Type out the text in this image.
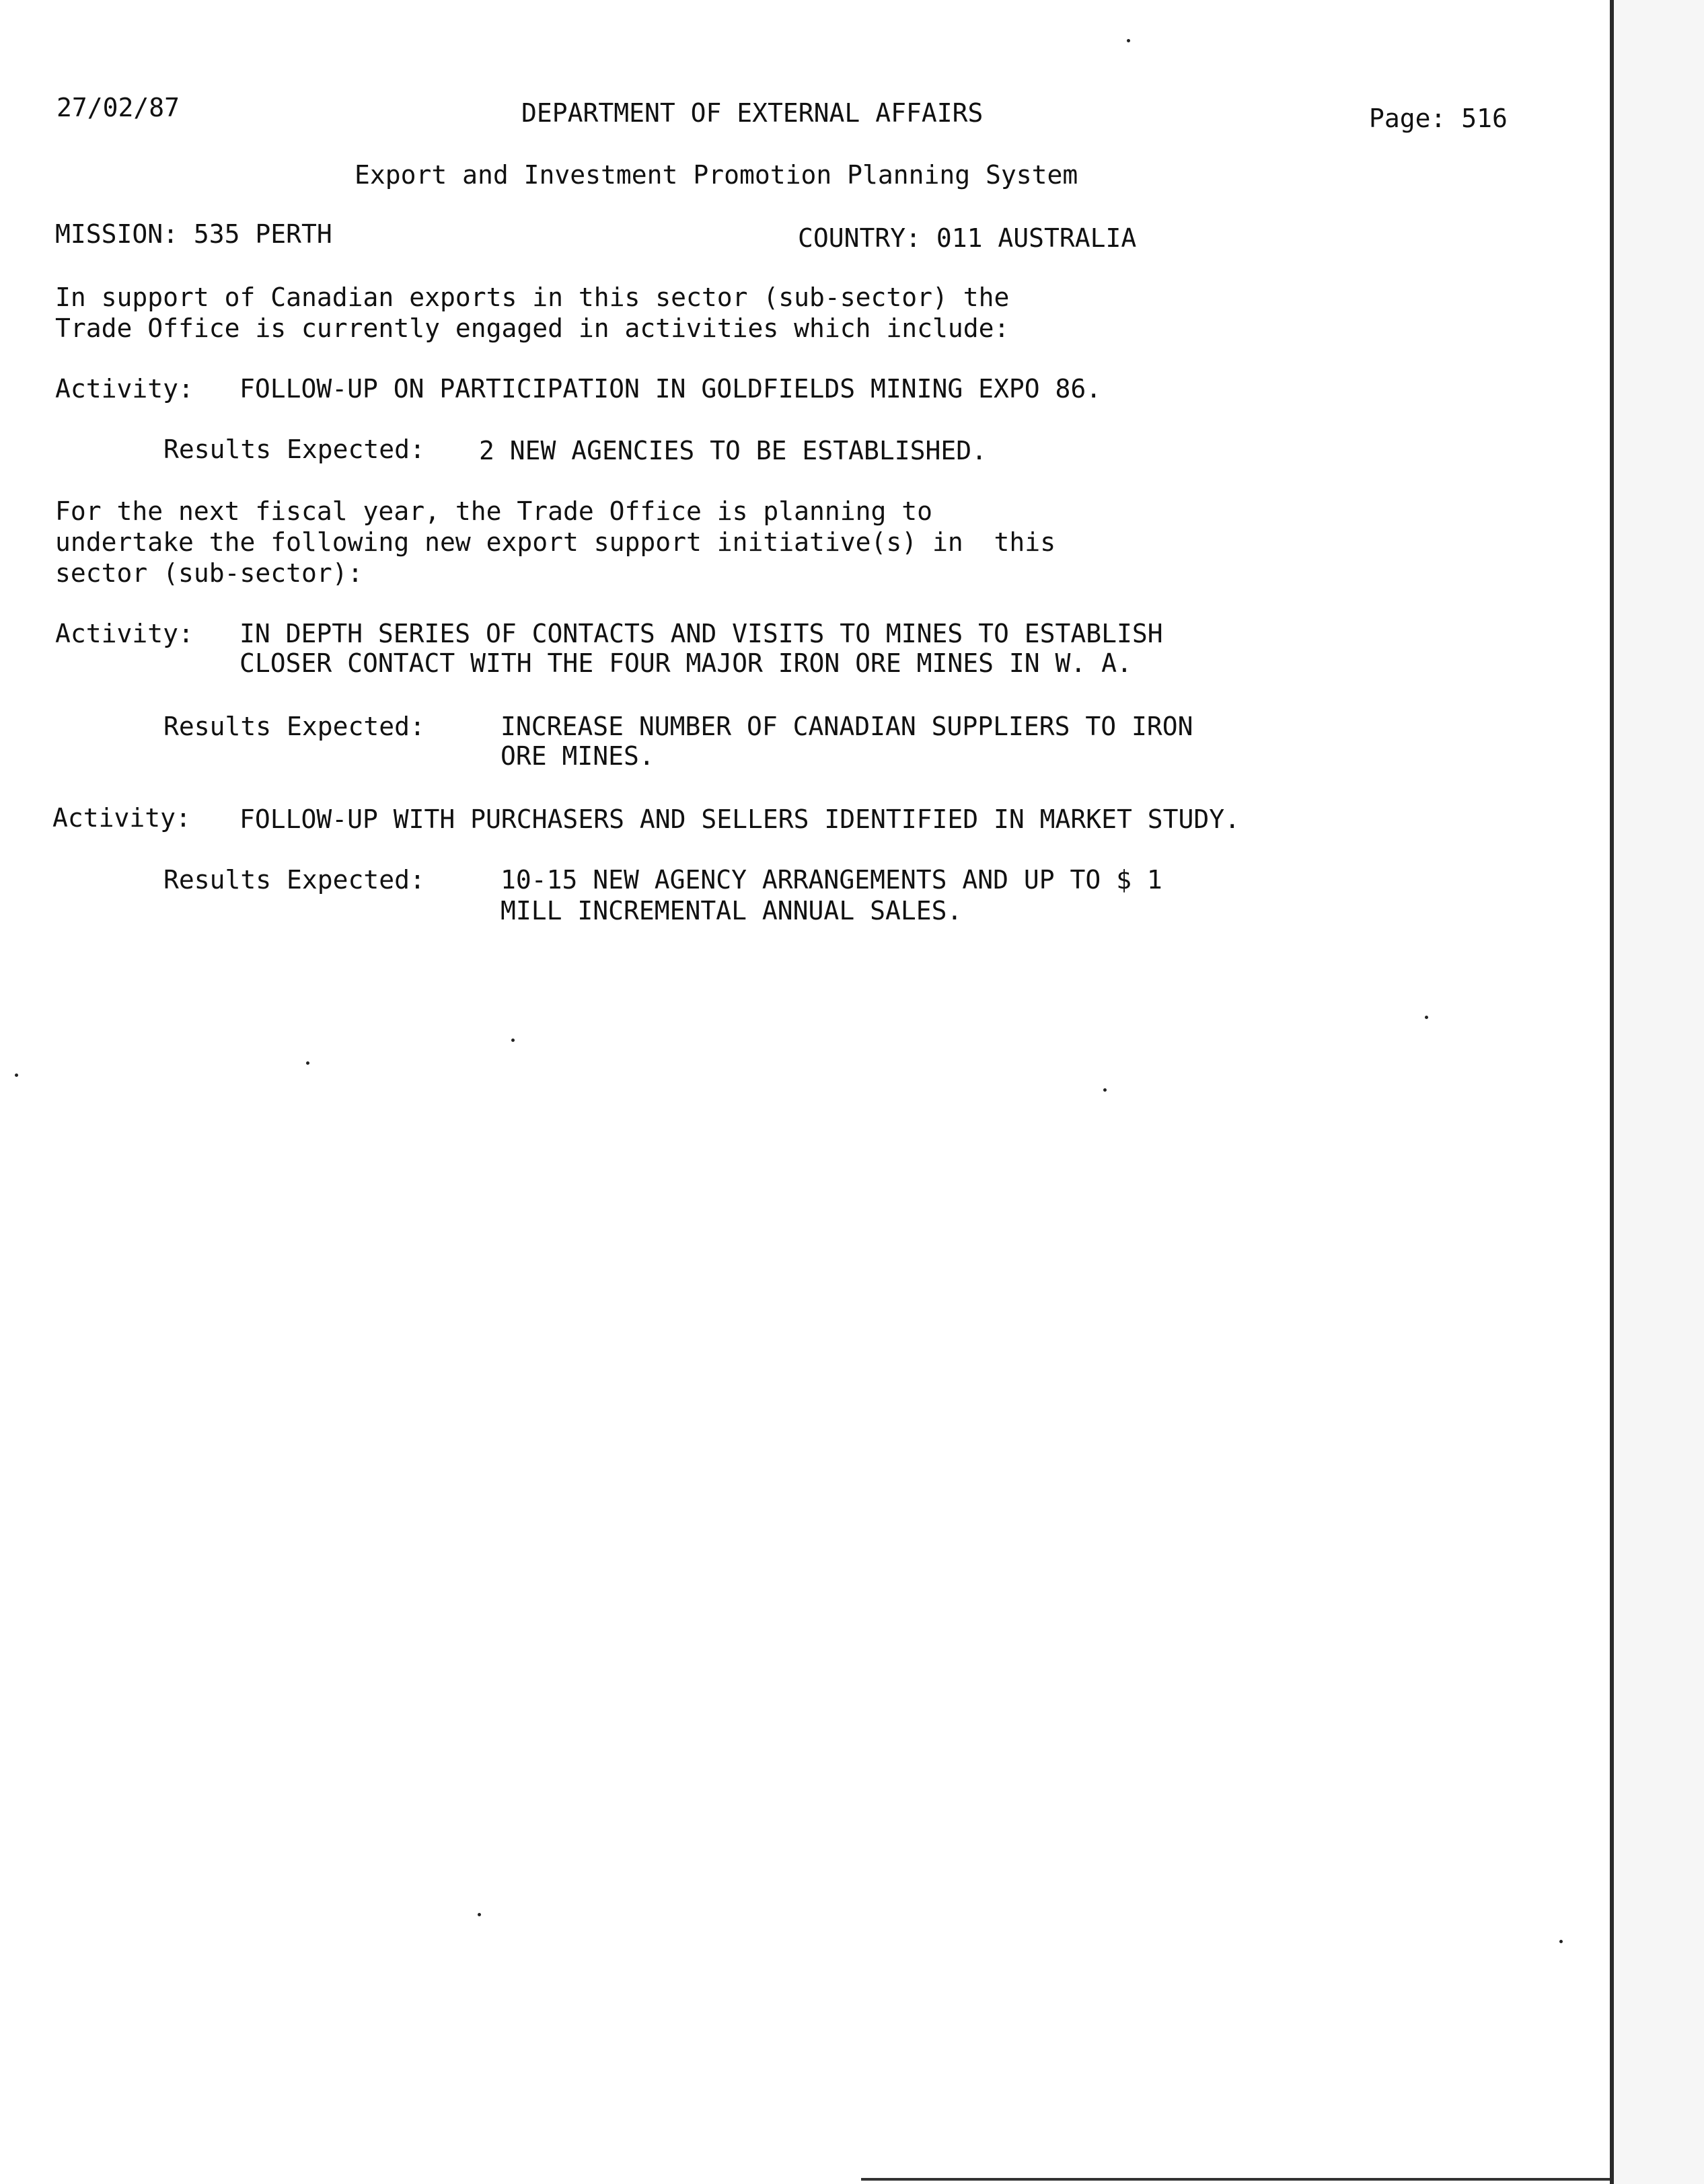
27/02/87	DEPARTMENT OF EXTERNAL AFFAIRS	Page: 516
Export and Investment Promotion Planning System
MISSION: 535 PERTH	COUNTRY: 011 AUSTRALIA
In support of Canadian exports in this sector (sub-sector) the
Trade Office is currently engaged in activities which include:
Activity: FOLLOW-UP ON PARTICIPATION IN GOLDFIELDS MINING EXPO 86.
Results Expected: 2 NEW AGENCIES TO BE ESTABLISHED.
For the next fiscal year, the Trade Office is planning to
undertake the following new export support initiative(s) in  this
sector (sub-sector):
Activity: IN DEPTH SERIES OF CONTACTS AND VISITS TO MINES TO ESTABLISH
CLOSER CONTACT WITH THE FOUR MAJOR IRON ORE MINES IN W. A.
Results Expected:	INCREASE NUMBER OF CANADIAN SUPPLIERS TO IRON
ORE MINES.
Activity: FOLLOW-UP WITH PURCHASERS AND SELLERS IDENTIFIED IN MARKET STUDY.
Results Expected:	10-15 NEW AGENCY ARRANGEMENTS AND UP TO $ 1
MILL INCREMENTAL ANNUAL SALES.
